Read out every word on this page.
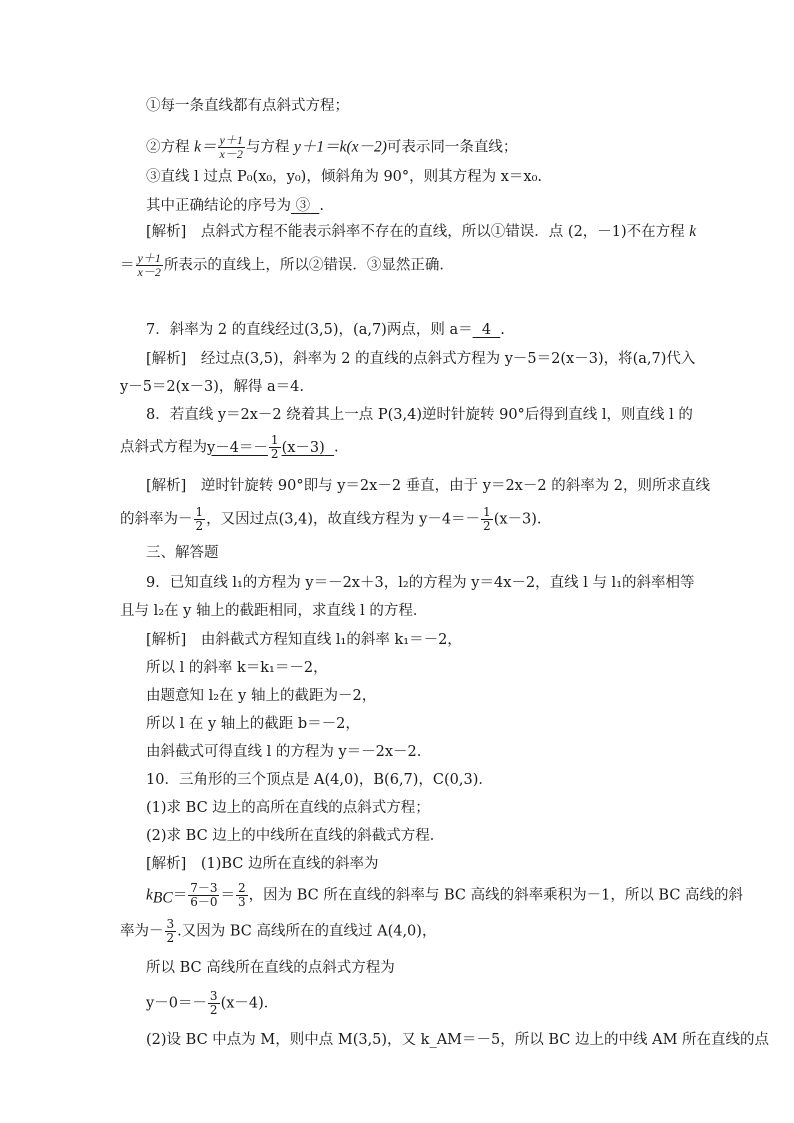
①每一条直线都有点斜式方程；
②方程 $k= \frac{y+1}{x-2}$ 与方程 y＋1＝k(x－2)可表示同一条直线；
③直线 l 过点 P₀(x₀，y₀)，倾斜角为 90°，则其方程为 x＝x₀.
其中正确结论的序号为 ③ .
[解析]　点斜式方程不能表示斜率不存在的直线，所以①错误．点 (2，－1)不在方程 k
＝ $\frac{y+1}{x-2}$ 所表示的直线上，所以②错误．③显然正确．
7．斜率为 2 的直线经过(3,5)，(a,7)两点，则 a＝ 4 .
[解析]　经过点(3,5)，斜率为 2 的直线的点斜式方程为 y－5＝2(x－3)，将(a,7)代入
y－5＝2(x－3)，解得 a＝4.
8．若直线 y＝2x－2 绕着其上一点 P(3,4)逆时针旋转 90°后得到直线 l，则直线 l 的
点斜式方程为$y-4=- \frac{1}{2} (x-3)$ .
[解析]　逆时针旋转 90°即与 y＝2x－2 垂直，由于 y＝2x－2 的斜率为 2，则所求直线
的斜率为－ $\frac{1}{2}$ ，又因过点(3,4)，故直线方程为 $y-4=- \frac{1}{2} (x-3)$.
三、解答题
9．已知直线 l₁的方程为 y＝－2x＋3，l₂的方程为 y＝4x－2，直线 l 与 l₁的斜率相等
且与 l₂在 y 轴上的截距相同，求直线 l 的方程．
[解析]　由斜截式方程知直线 l₁的斜率 k₁＝－2，
所以 l 的斜率 k＝k₁＝－2，
由题意知 l₂在 y 轴上的截距为－2，
所以 l 在 y 轴上的截距 b＝－2，
由斜截式可得直线 l 的方程为 y＝－2x－2.
10．三角形的三个顶点是 A(4,0)，B(6,7)，C(0,3)．
(1)求 BC 边上的高所在直线的点斜式方程；
(2)求 BC 边上的中线所在直线的斜截式方程．
[解析]　(1)BC 边所在直线的斜率为
$k_{BC}= \frac{7-3}{6-0} = \frac{2}{3}$ ，因为 BC 所在直线的斜率与 BC 高线的斜率乘积为－1，所以 BC 高线的斜
率为－ $\frac{3}{2}$ .又因为 BC 高线所在的直线过 A(4,0)，
所以 BC 高线所在直线的点斜式方程为
$y-0=- \frac{3}{2} (x-4)$．
(2)设 BC 中点为 M，则中点 M(3,5)，又 k_AM＝－5，所以 BC 边上的中线 AM 所在直线的点
